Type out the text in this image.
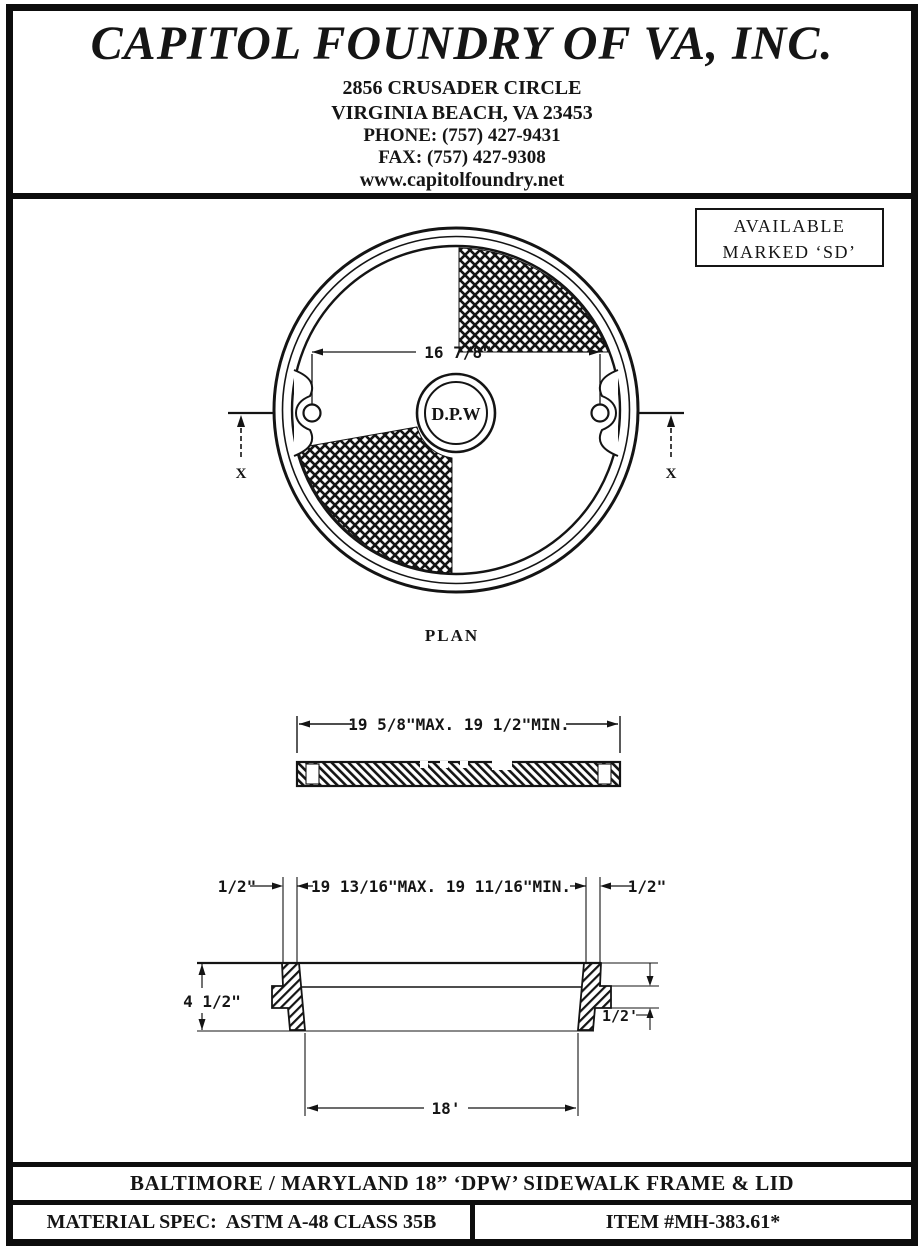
D.P.W
16 7/8"
X	X
PLAN
19 5/8"MAX. 19 1/2"MIN.
1/2"	19 13/16"MAX. 19 11/16"MIN.	1/2"
4 1/2"
1/2'
18'
CAPITOL FOUNDRY OF VA, INC.
2856 CRUSADER CIRCLE
VIRGINIA BEACH, VA 23453
PHONE: (757) 427-9431
FAX: (757) 427-9308
www.capitolfoundry.net
AVAILABLE
MARKED ‘SD’
BALTIMORE / MARYLAND 18” ‘DPW’ SIDEWALK FRAME & LID
MATERIAL SPEC:  ASTM A-48 CLASS 35B	ITEM #MH-383.61*
